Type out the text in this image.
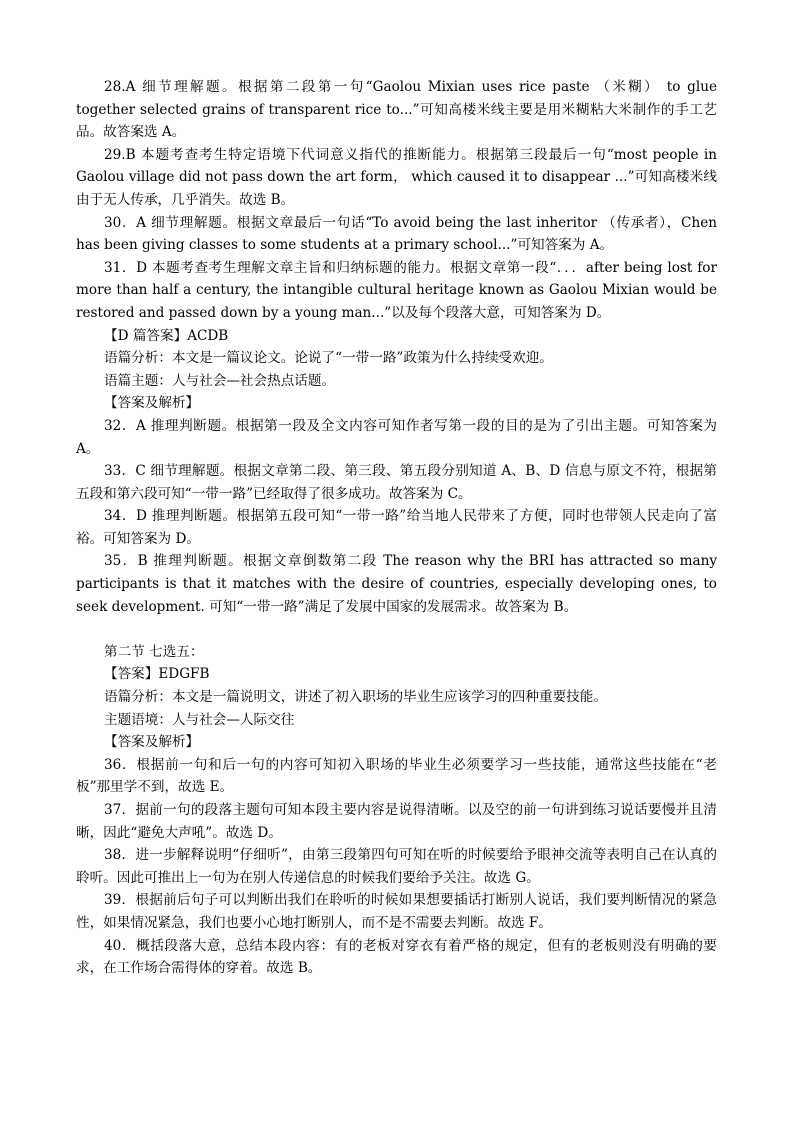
28.A 细节理解题。根据第二段第一句“Gaolou Mixian uses rice paste （米糊） to glue together selected grains of transparent rice to...”可知高楼米线主要是用米糊粘大米制作的手工艺品。故答案选 A。

29.B 本题考查考生特定语境下代词意义指代的推断能力。根据第三段最后一句“most people in Gaolou village did not pass down the art form， which caused it to disappear ...”可知高楼米线由于无人传承，几乎消失。故选 B。

30．A 细节理解题。根据文章最后一句话“To avoid being the last inheritor （传承者），Chen has been giving classes to some students at a primary school...”可知答案为 A。

31．D 本题考查考生理解文章主旨和归纳标题的能力。根据文章第一段“．．．after being lost for more than half a century, the intangible cultural heritage known as Gaolou Mixian would be restored and passed down by a young man...”以及每个段落大意，可知答案为 D。

【D 篇答案】ACDB

语篇分析：本文是一篇议论文。论说了“一带一路”政策为什么持续受欢迎。

语篇主题：人与社会—社会热点话题。

【答案及解析】

32．A 推理判断题。根据第一段及全文内容可知作者写第一段的目的是为了引出主题。可知答案为 A。

33．C 细节理解题。根据文章第二段、第三段、第五段分别知道 A、B、D 信息与原文不符，根据第五段和第六段可知“一带一路”已经取得了很多成功。故答案为 C。

34．D 推理判断题。根据第五段可知“一带一路”给当地人民带来了方便，同时也带领人民走向了富裕。可知答案为 D。

35．B 推理判断题。根据文章倒数第二段 The reason why the BRI has attracted so many participants is that it matches with the desire of countries, especially developing ones, to seek development. 可知“一带一路”满足了发展中国家的发展需求。故答案为 B。

第二节 七选五：

【答案】EDGFB

语篇分析：本文是一篇说明文，讲述了初入职场的毕业生应该学习的四种重要技能。

主题语境：人与社会—人际交往

【答案及解析】

36．根据前一句和后一句的内容可知初入职场的毕业生必须要学习一些技能，通常这些技能在“老板”那里学不到，故选 E。

37．据前一句的段落主题句可知本段主要内容是说得清晰。以及空的前一句讲到练习说话要慢并且清晰，因此“避免大声吼”。故选 D。

38．进一步解释说明“仔细听”，由第三段第四句可知在听的时候要给予眼神交流等表明自己在认真的聆听。因此可推出上一句为在别人传递信息的时候我们要给予关注。故选 G。

39．根据前后句子可以判断出我们在聆听的时候如果想要插话打断别人说话，我们要判断情况的紧急性，如果情况紧急，我们也要小心地打断别人，而不是不需要去判断。故选 F。

40．概括段落大意，总结本段内容：有的老板对穿衣有着严格的规定，但有的老板则没有明确的要求，在工作场合需得体的穿着。故选 B。
